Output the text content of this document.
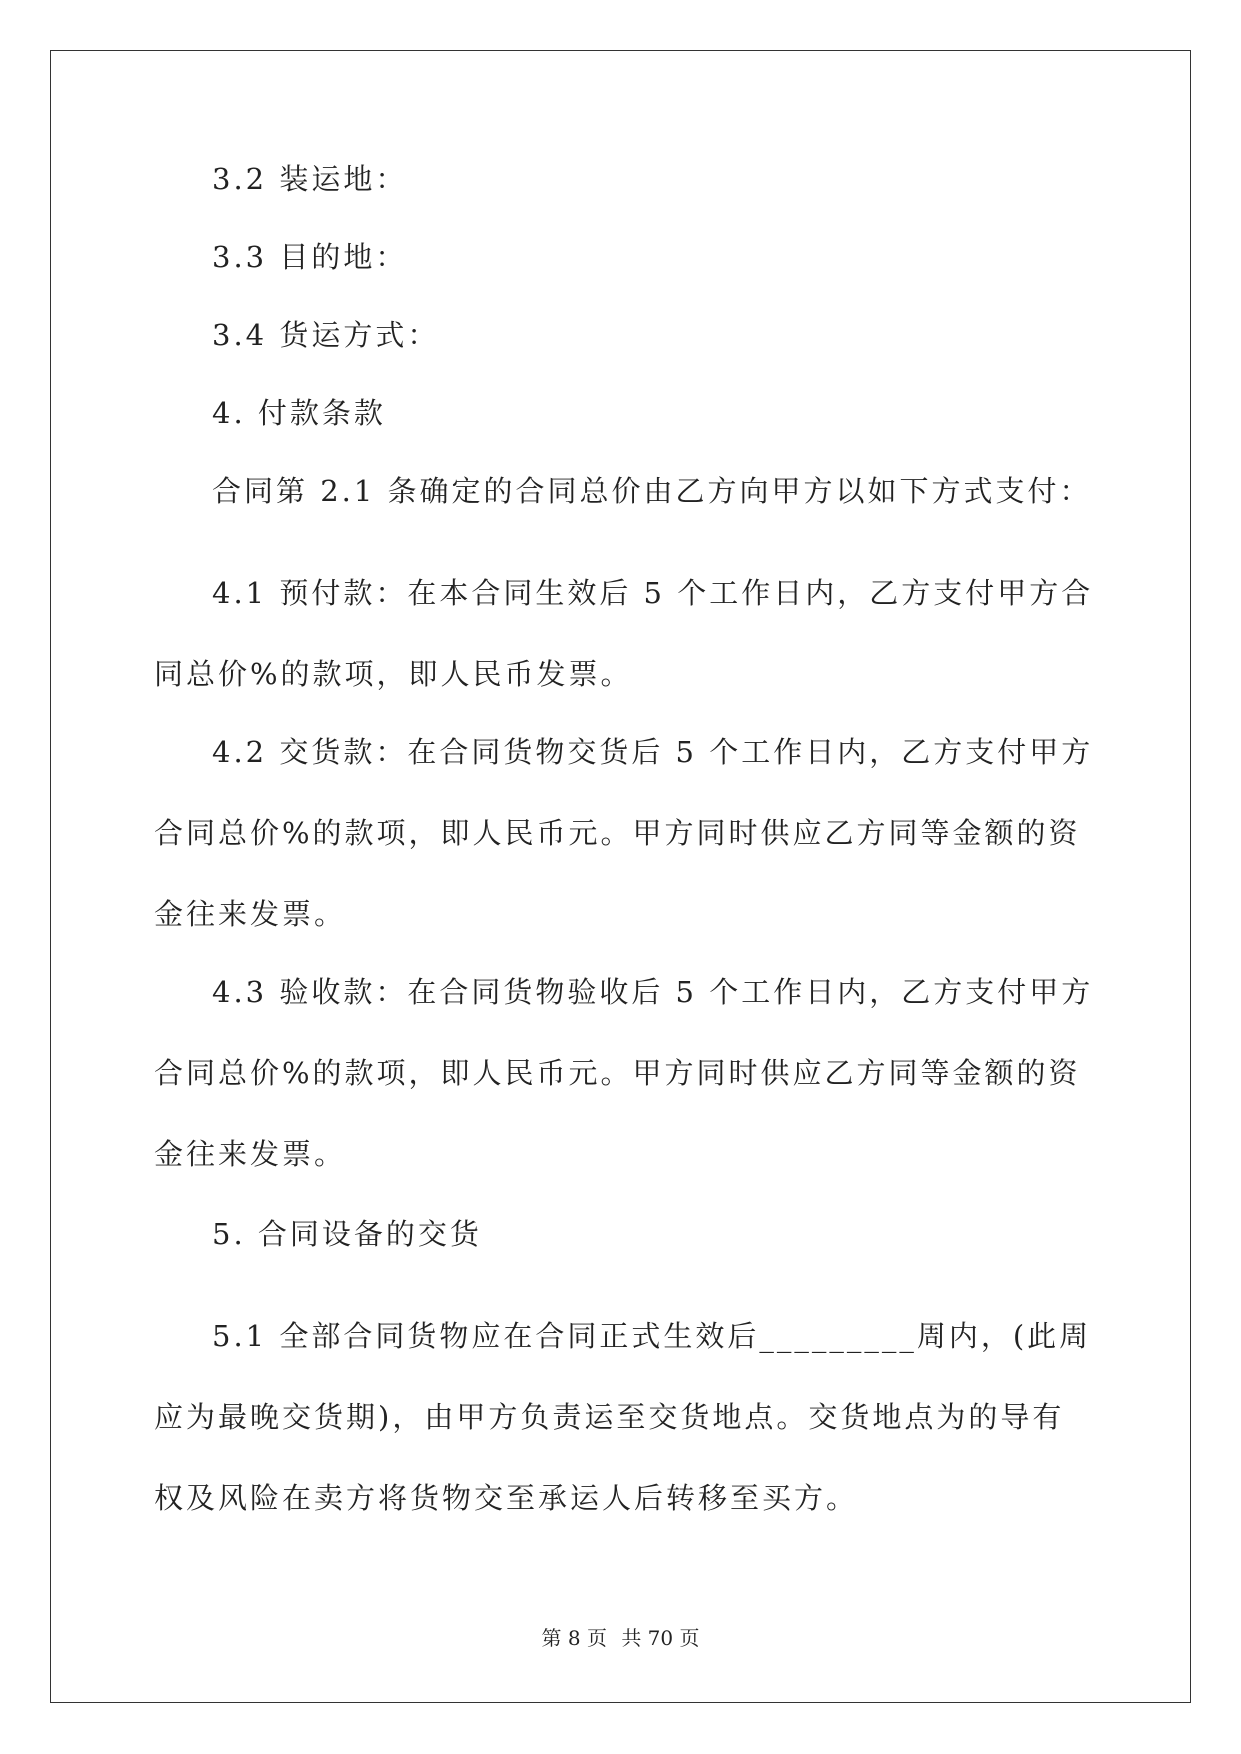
3.2 装运地：

3.3 目的地：

3.4 货运方式：

4. 付款条款

合同第 2.1 条确定的合同总价由乙方向甲方以如下方式支付：

4.1 预付款：在本合同生效后 5 个工作日内，乙方支付甲方合同总价%的款项，即人民币发票。

4.2 交货款：在合同货物交货后 5 个工作日内，乙方支付甲方合同总价%的款项，即人民币元。甲方同时供应乙方同等金额的资金往来发票。

4.3 验收款：在合同货物验收后 5 个工作日内，乙方支付甲方合同总价%的款项，即人民币元。甲方同时供应乙方同等金额的资金往来发票。

5. 合同设备的交货

5.1 全部合同货物应在合同正式生效后_________周内，(此周应为最晚交货期)，由甲方负责运至交货地点。交货地点为的导有权及风险在卖方将货物交至承运人后转移至买方。

第 8 页 共 70 页
